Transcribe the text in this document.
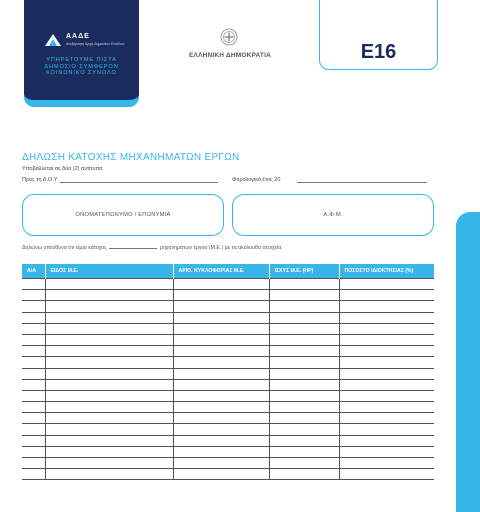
ΑΑΔΕ
Ανεξάρτητη Αρχή Δημοσίων Εσόδων
ΥΠΗΡΕΤΟΥΜΕ ΠΙΣΤΑ
ΔΗΜΟΣΙΟ ΣΥΜΦΕΡΟΝ
ΚΟΙΝΩΝΙΚΟ ΣΥΝΟΛΟ
ΕΛΛΗΝΙΚΗ ΔΗΜΟΚΡΑΤΙΑ	Ε16
ΔΗΛΩΣΗ ΚΑΤΟΧΗΣ ΜΗΧΑΝΗΜΑΤΩΝ ΕΡΓΩΝ
Υποβάλλεται σε δύο (2) αντίτυπα
Προς τη Δ.Ο.Υ	Φορολογικό έτος 20
ΟΝΟΜΑΤΕΠΩΝΥΜΟ / ΕΠΩΝΥΜΙΑ	Α.Φ.Μ.
Δηλώνω υπεύθυνα ότι είμαι κάτοχος	μηχανημάτων έργου (Μ.Ε.) με τα ακόλουθα στοιχεία
Α/Α	ΕΙΔΟΣ Μ.Ε.	ΑΡΙΘ. ΚΥΚΛΟΦΟΡΙΑΣ Μ.Ε.	ΙΣΧΥΣ Μ.Ε. (HP)	ΠΟΣΟΣΤΟ ΙΔΙΟΚΤΗΣΙΑΣ (%)
